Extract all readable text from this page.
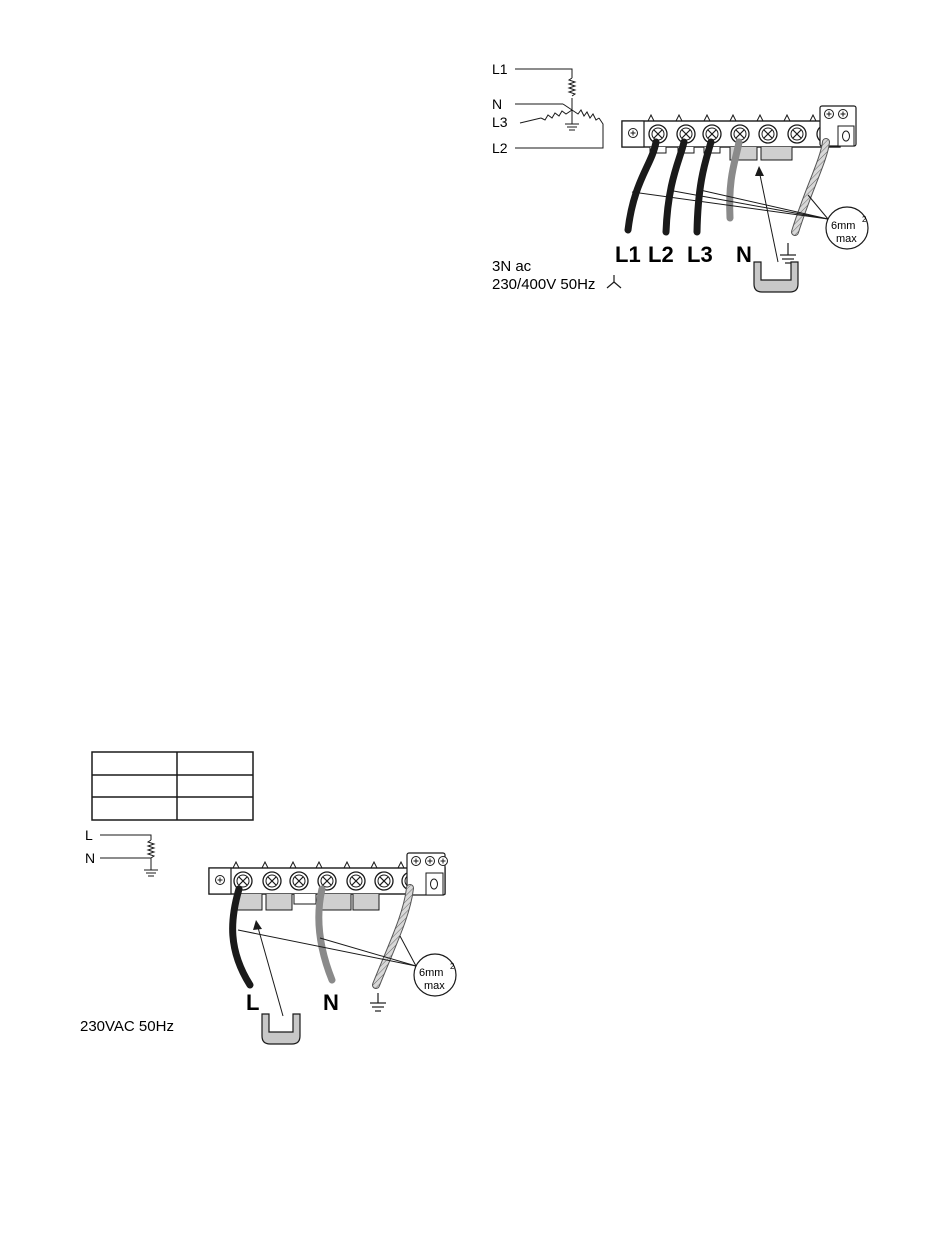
L1
N
L3
L2
6mm
2
max
L1 L2 L3 N
3N ac
230/400V 50Hz
L
N
6mm
2
max
L	N
230VAC 50Hz
